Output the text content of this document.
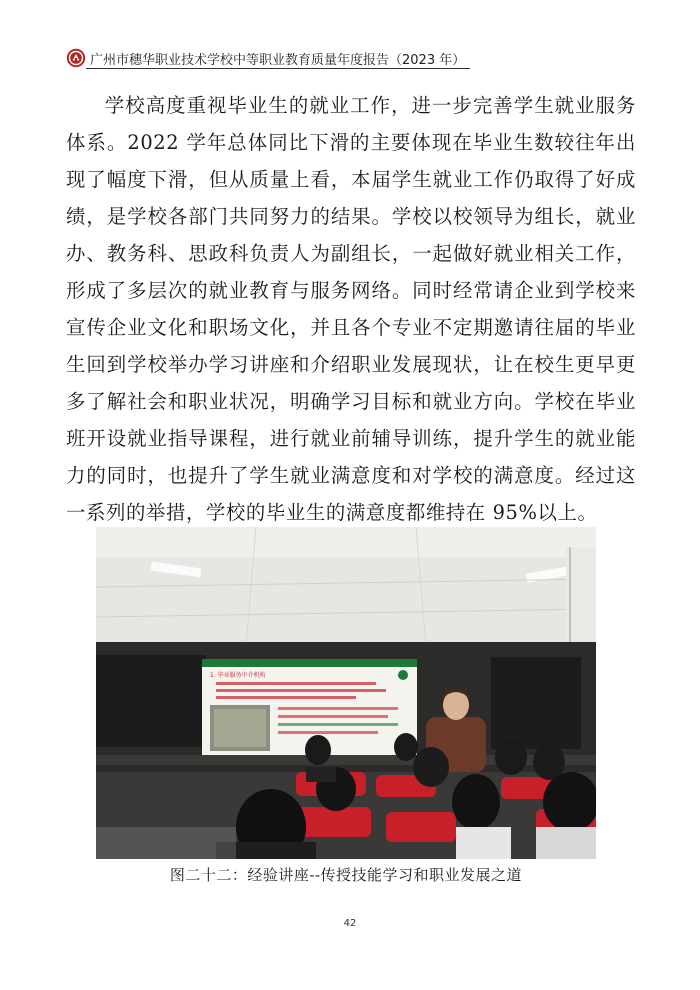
广州市穗华职业技术学校中等职业教育质量年度报告（2023 年）

学校高度重视毕业生的就业工作，进一步完善学生就业服务体系。2022 学年总体同比下滑的主要体现在毕业生数较往年出现了幅度下滑，但从质量上看，本届学生就业工作仍取得了好成绩，是学校各部门共同努力的结果。学校以校领导为组长，就业办、教务科、思政科负责人为副组长，一起做好就业相关工作，形成了多层次的就业教育与服务网络。同时经常请企业到学校来宣传企业文化和职场文化，并且各个专业不定期邀请往届的毕业生回到学校举办学习讲座和介绍职业发展现状，让在校生更早更多了解社会和职业状况，明确学习目标和就业方向。学校在毕业班开设就业指导课程，进行就业前辅导训练，提升学生的就业能力的同时，也提升了学生就业满意度和对学校的满意度。经过这一系列的举措，学校的毕业生的满意度都维持在 95%以上。

1. 毕业服务中介机构
图二十二：经验讲座--传授技能学习和职业发展之道
42
